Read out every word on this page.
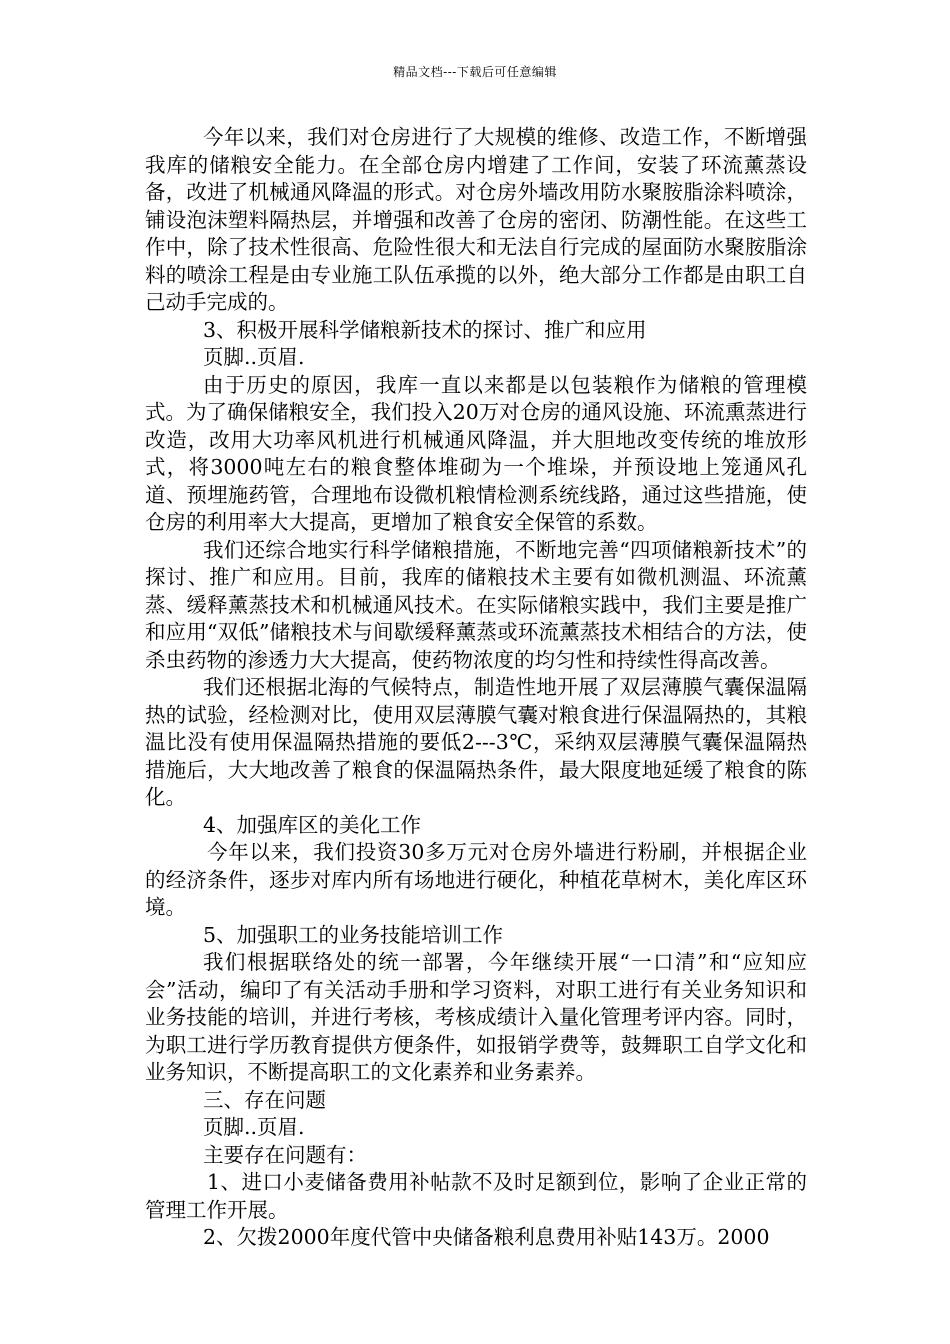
精品文档---下载后可任意编辑

今年以来，我们对仓房进行了大规模的维修、改造工作，不断增强我库的储粮安全能力。在全部仓房内增建了工作间，安装了环流薰蒸设备，改进了机械通风降温的形式。对仓房外墙改用防水聚胺脂涂料喷涂，铺设泡沫塑料隔热层，并增强和改善了仓房的密闭、防潮性能。在这些工作中，除了技术性很高、危险性很大和无法自行完成的屋面防水聚胺脂涂料的喷涂工程是由专业施工队伍承揽的以外，绝大部分工作都是由职工自己动手完成的。

3、积极开展科学储粮新技术的探讨、推广和应用

页脚..页眉.

由于历史的原因，我库一直以来都是以包装粮作为储粮的管理模式。为了确保储粮安全，我们投入20万对仓房的通风设施、环流熏蒸进行改造，改用大功率风机进行机械通风降温，并大胆地改变传统的堆放形式，将3000吨左右的粮食整体堆砌为一个堆垛，并预设地上笼通风孔道、预埋施药管，合理地布设微机粮情检测系统线路，通过这些措施，使仓房的利用率大大提高，更增加了粮食安全保管的系数。

我们还综合地实行科学储粮措施，不断地完善“四项储粮新技术”的探讨、推广和应用。目前，我库的储粮技术主要有如微机测温、环流薰蒸、缓释薰蒸技术和机械通风技术。在实际储粮实践中，我们主要是推广和应用“双低”储粮技术与间歇缓释薰蒸或环流薰蒸技术相结合的方法，使杀虫药物的渗透力大大提高，使药物浓度的均匀性和持续性得高改善。

我们还根据北海的气候特点，制造性地开展了双层薄膜气囊保温隔热的试验，经检测对比，使用双层薄膜气囊对粮食进行保温隔热的，其粮温比没有使用保温隔热措施的要低2---3℃，采纳双层薄膜气囊保温隔热措施后，大大地改善了粮食的保温隔热条件，最大限度地延缓了粮食的陈化。

4、加强库区的美化工作

今年以来，我们投资30多万元对仓房外墙进行粉刷，并根据企业的经济条件，逐步对库内所有场地进行硬化，种植花草树木，美化库区环境。

5、加强职工的业务技能培训工作

我们根据联络处的统一部署，今年继续开展“一口清”和“应知应会”活动，编印了有关活动手册和学习资料，对职工进行有关业务知识和业务技能的培训，并进行考核，考核成绩计入量化管理考评内容。同时，为职工进行学历教育提供方便条件，如报销学费等，鼓舞职工自学文化和业务知识，不断提高职工的文化素养和业务素养。

三、存在问题

页脚..页眉.

主要存在问题有：

1、进口小麦储备费用补帖款不及时足额到位，影响了企业正常的管理工作开展。

2、欠拨2000年度代管中央储备粮利息费用补贴143万。2000
